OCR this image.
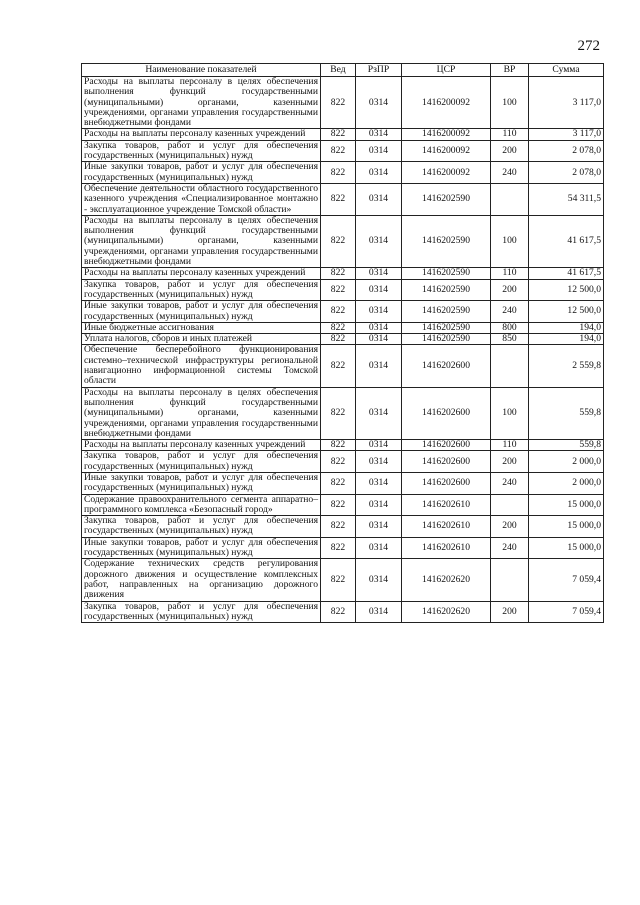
272
Наименование показателей	Вед	РзПР	ЦСР	ВР	Сумма
Расходы на выплаты персоналу в целях обеспечения выполнения функций государственными (муниципальными) органами, казенными учреждениями, органами управления государственными внебюджетными фондами	822	0314	1416200092	100	3 117,0
Расходы на выплаты персоналу казенных учреждений	822	0314	1416200092	110	3 117,0
Закупка товаров, работ и услуг для обеспечения государственных (муниципальных) нужд	822	0314	1416200092	200	2 078,0
Иные закупки товаров, работ и услуг для обеспечения государственных (муниципальных) нужд	822	0314	1416200092	240	2 078,0
Обеспечение деятельности областного государственного казенного учреждения «Специализированное монтажно - эксплуатационное учреждение Томской области»	822	0314	1416202590		54 311,5
Расходы на выплаты персоналу в целях обеспечения выполнения функций государственными (муниципальными) органами, казенными учреждениями, органами управления государственными внебюджетными фондами	822	0314	1416202590	100	41 617,5
Расходы на выплаты персоналу казенных учреждений	822	0314	1416202590	110	41 617,5
Закупка товаров, работ и услуг для обеспечения государственных (муниципальных) нужд	822	0314	1416202590	200	12 500,0
Иные закупки товаров, работ и услуг для обеспечения государственных (муниципальных) нужд	822	0314	1416202590	240	12 500,0
Иные бюджетные ассигнования	822	0314	1416202590	800	194,0
Уплата налогов, сборов и иных платежей	822	0314	1416202590	850	194,0
Обеспечение бесперебойного функционирования системно–технической инфраструктуры региональной навигационно информационной системы Томской области	822	0314	1416202600		2 559,8
Расходы на выплаты персоналу в целях обеспечения выполнения функций государственными (муниципальными) органами, казенными учреждениями, органами управления государственными внебюджетными фондами	822	0314	1416202600	100	559,8
Расходы на выплаты персоналу казенных учреждений	822	0314	1416202600	110	559,8
Закупка товаров, работ и услуг для обеспечения государственных (муниципальных) нужд	822	0314	1416202600	200	2 000,0
Иные закупки товаров, работ и услуг для обеспечения государственных (муниципальных) нужд	822	0314	1416202600	240	2 000,0
Содержание правоохранительного сегмента аппаратно–программного комплекса «Безопасный город»	822	0314	1416202610		15 000,0
Закупка товаров, работ и услуг для обеспечения государственных (муниципальных) нужд	822	0314	1416202610	200	15 000,0
Иные закупки товаров, работ и услуг для обеспечения государственных (муниципальных) нужд	822	0314	1416202610	240	15 000,0
Содержание технических средств регулирования дорожного движения и осуществление комплексных работ, направленных на организацию дорожного движения	822	0314	1416202620		7 059,4
Закупка товаров, работ и услуг для обеспечения государственных (муниципальных) нужд	822	0314	1416202620	200	7 059,4
